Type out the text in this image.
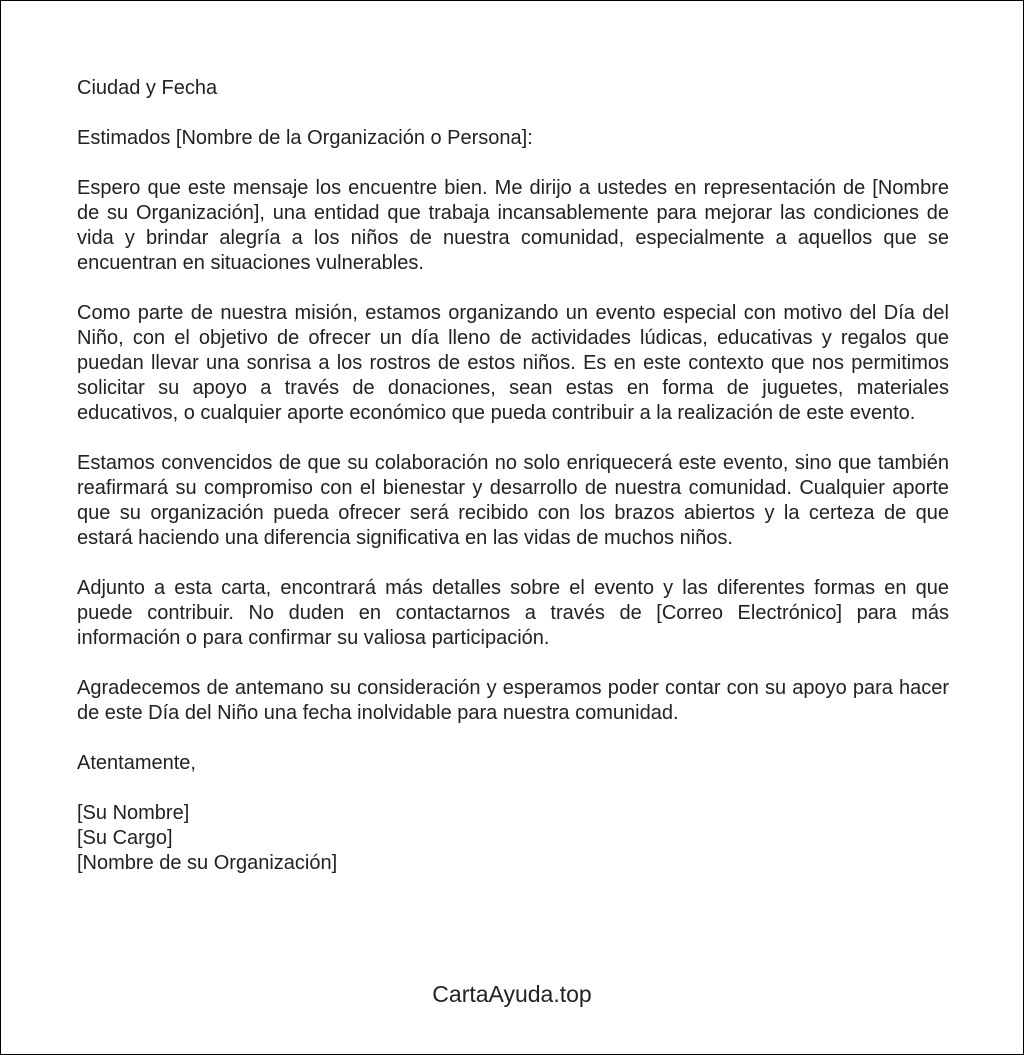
Ciudad y Fecha

Estimados [Nombre de la Organización o Persona]:

Espero que este mensaje los encuentre bien. Me dirijo a ustedes en representación de [Nombre de su Organización], una entidad que trabaja incansablemente para mejorar las condiciones de vida y brindar alegría a los niños de nuestra comunidad, especialmente a aquellos que se encuentran en situaciones vulnerables.

Como parte de nuestra misión, estamos organizando un evento especial con motivo del Día del Niño, con el objetivo de ofrecer un día lleno de actividades lúdicas, educativas y regalos que puedan llevar una sonrisa a los rostros de estos niños. Es en este contexto que nos permitimos solicitar su apoyo a través de donaciones, sean estas en forma de juguetes, materiales educativos, o cualquier aporte económico que pueda contribuir a la realización de este evento.

Estamos convencidos de que su colaboración no solo enriquecerá este evento, sino que también reafirmará su compromiso con el bienestar y desarrollo de nuestra comunidad. Cualquier aporte que su organización pueda ofrecer será recibido con los brazos abiertos y la certeza de que estará haciendo una diferencia significativa en las vidas de muchos niños.

Adjunto a esta carta, encontrará más detalles sobre el evento y las diferentes formas en que puede contribuir. No duden en contactarnos a través de [Correo Electrónico] para más información o para confirmar su valiosa participación.

Agradecemos de antemano su consideración y esperamos poder contar con su apoyo para hacer de este Día del Niño una fecha inolvidable para nuestra comunidad.

Atentamente,

[Su Nombre]
[Su Cargo]
[Nombre de su Organización]
CartaAyuda.top
